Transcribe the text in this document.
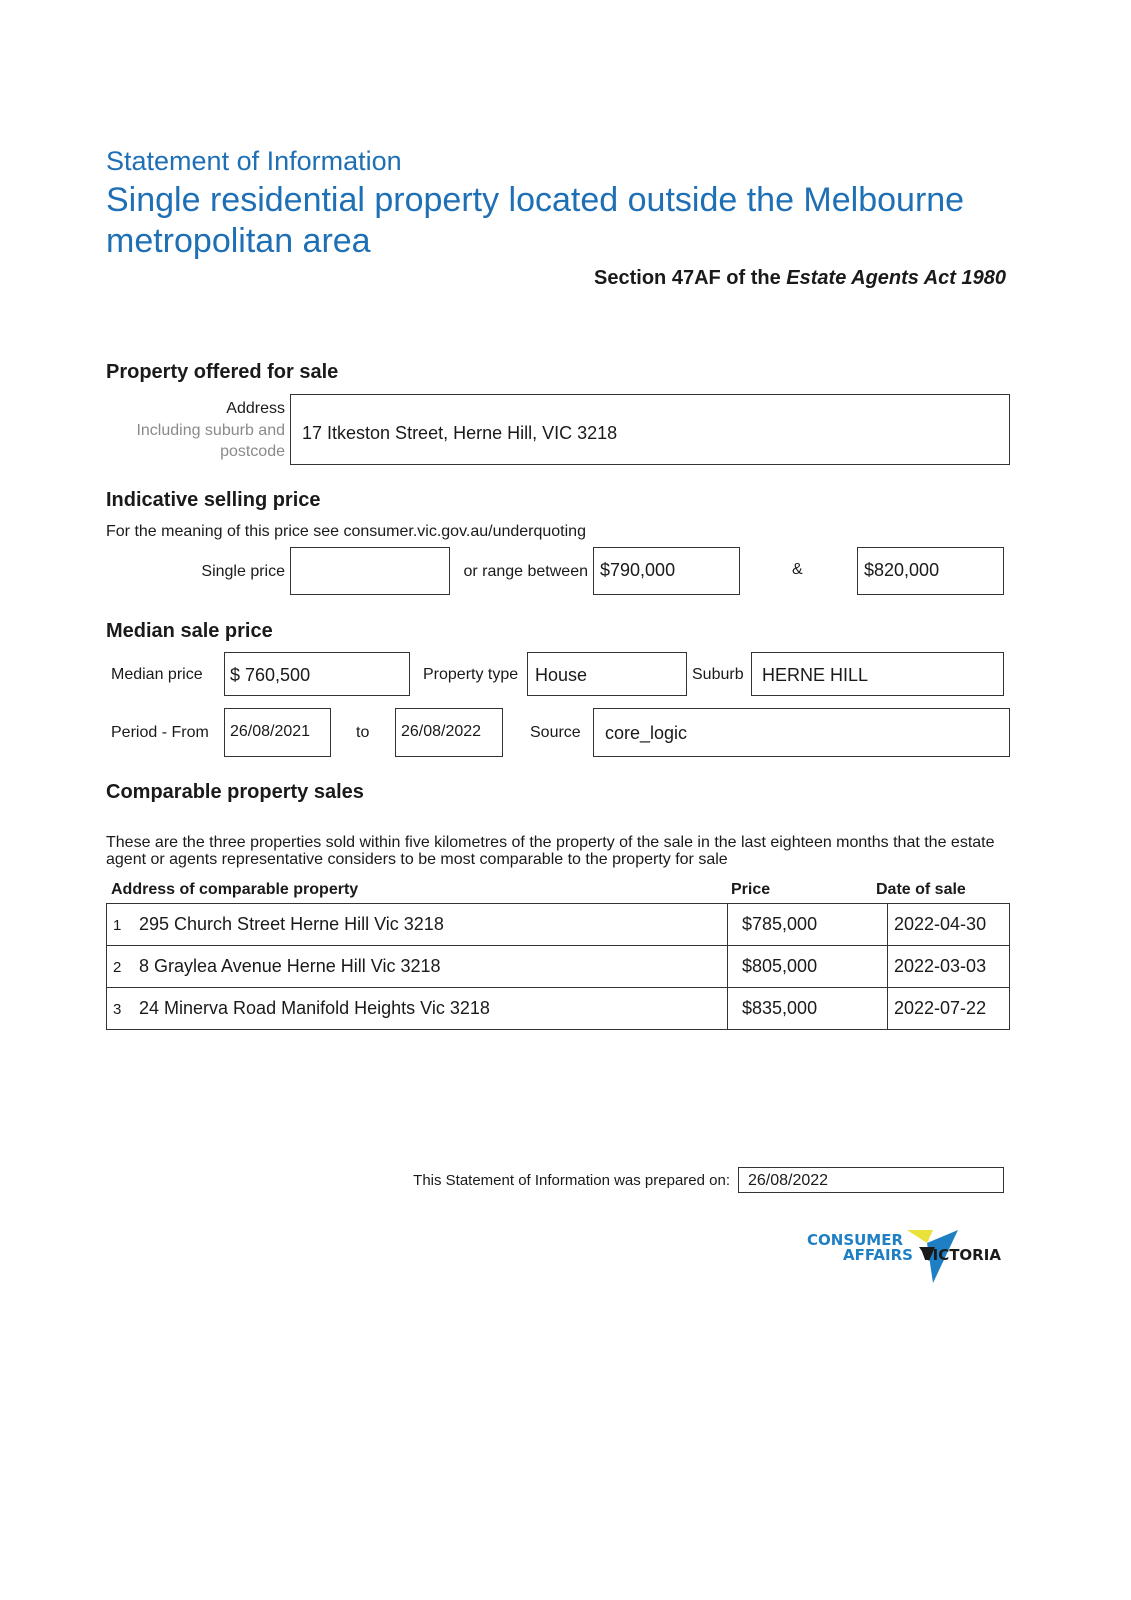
Statement of Information
Single residential property located outside the Melbourne metropolitan area
Section 47AF of the Estate Agents Act 1980
Property offered for sale
Address
Including suburb and
postcode
17 Itkeston Street, Herne Hill, VIC 3218
Indicative selling price
For the meaning of this price see consumer.vic.gov.au/underquoting
Single price	or range between $790,000	&	$820,000
Median sale price
Median price $ 760,500	Property type House	Suburb HERNE HILL
Period - From 26/08/2021	to 26/08/2022	Source core_logic
Comparable property sales
These are the three properties sold within five kilometres of the property of the sale in the last eighteen months that the estate agent or agents representative considers to be most comparable to the property for sale
Address of comparable property	Price	Date of sale
1 295 Church Street Herne Hill Vic 3218	$785,000	2022-04-30
2 8 Graylea Avenue Herne Hill Vic 3218	$805,000	2022-03-03
3 24 Minerva Road Manifold Heights Vic 3218	$835,000	2022-07-22
This Statement of Information was prepared on: 26/08/2022
CONSUMER
AFFAIRS VICTORIA
